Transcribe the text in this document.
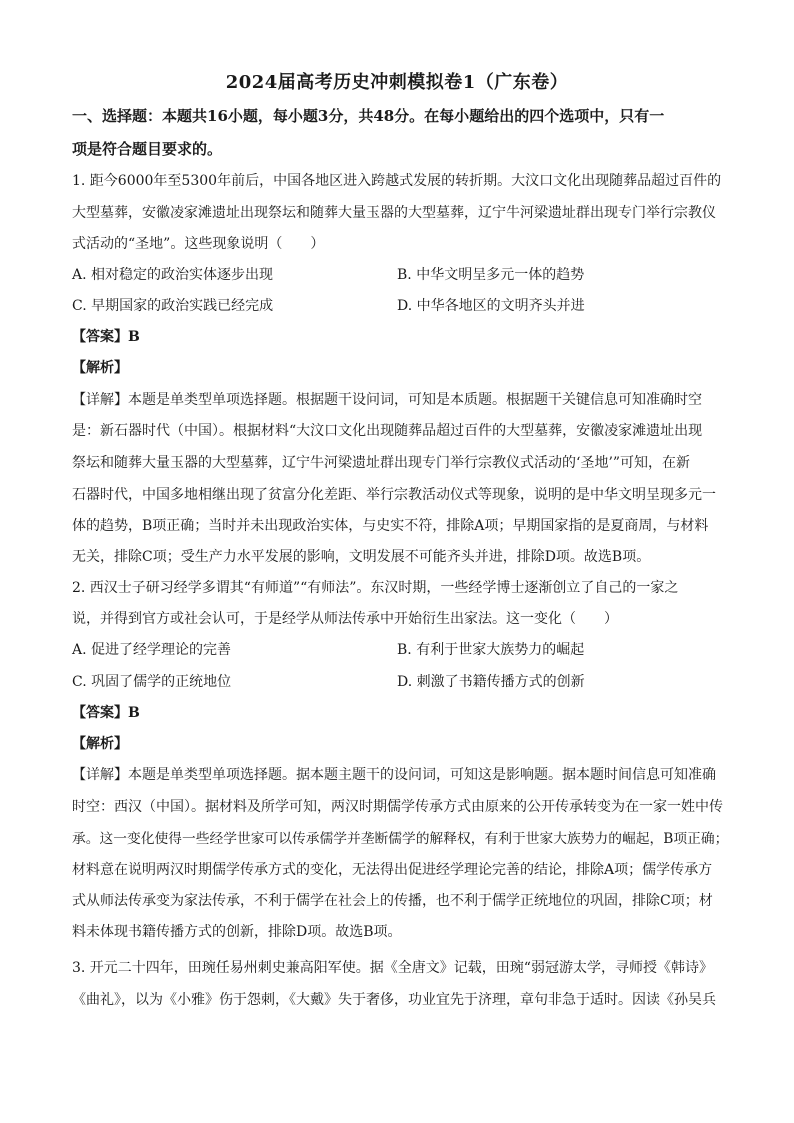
2024届高考历史冲刺模拟卷1（广东卷）
一、选择题：本题共16小题，每小题3分，共48分。在每小题给出的四个选项中，只有一
项是符合题目要求的。
1. 距今6000年至5300年前后，中国各地区进入跨越式发展的转折期。大汶口文化出现随葬品超过百件的
大型墓葬，安徽凌家滩遗址出现祭坛和随葬大量玉器的大型墓葬，辽宁牛河梁遗址群出现专门举行宗教仪
式活动的“圣地”。这些现象说明（　　）
A. 相对稳定的政治实体逐步出现	B. 中华文明呈多元一体的趋势
C. 早期国家的政治实践已经完成	D. 中华各地区的文明齐头并进
【答案】B
【解析】
【详解】本题是单类型单项选择题。根据题干设问词，可知是本质题。根据题干关键信息可知准确时空
是：新石器时代（中国）。根据材料“大汶口文化出现随葬品超过百件的大型墓葬，安徽凌家滩遗址出现
祭坛和随葬大量玉器的大型墓葬，辽宁牛河梁遗址群出现专门举行宗教仪式活动的‘圣地’”可知，在新
石器时代，中国多地相继出现了贫富分化差距、举行宗教活动仪式等现象，说明的是中华文明呈现多元一
体的趋势，B项正确；当时并未出现政治实体，与史实不符，排除A项；早期国家指的是夏商周，与材料
无关，排除C项；受生产力水平发展的影响，文明发展不可能齐头并进，排除D项。故选B项。
2. 西汉士子研习经学多谓其“有师道”“有师法”。东汉时期，一些经学博士逐渐创立了自己的一家之
说，并得到官方或社会认可，于是经学从师法传承中开始衍生出家法。这一变化（　　）
A. 促进了经学理论的完善	B. 有利于世家大族势力的崛起
C. 巩固了儒学的正统地位	D. 刺激了书籍传播方式的创新
【答案】B
【解析】
【详解】本题是单类型单项选择题。据本题主题干的设问词，可知这是影响题。据本题时间信息可知准确
时空：西汉（中国）。据材料及所学可知，两汉时期儒学传承方式由原来的公开传承转变为在一家一姓中传
承。这一变化使得一些经学世家可以传承儒学并垄断儒学的解释权，有利于世家大族势力的崛起，B项正确；
材料意在说明两汉时期儒学传承方式的变化，无法得出促进经学理论完善的结论，排除A项；儒学传承方
式从师法传承变为家法传承，不利于儒学在社会上的传播，也不利于儒学正统地位的巩固，排除C项；材
料未体现书籍传播方式的创新，排除D项。故选B项。
3. 开元二十四年，田琬任易州刺史兼高阳军使。据《全唐文》记载，田琬“弱冠游太学，寻师授《韩诗》
《曲礼》，以为《小雅》伤于怨刺，《大戴》失于奢侈，功业宜先于济理，章句非急于适时。因读《孙吴兵
